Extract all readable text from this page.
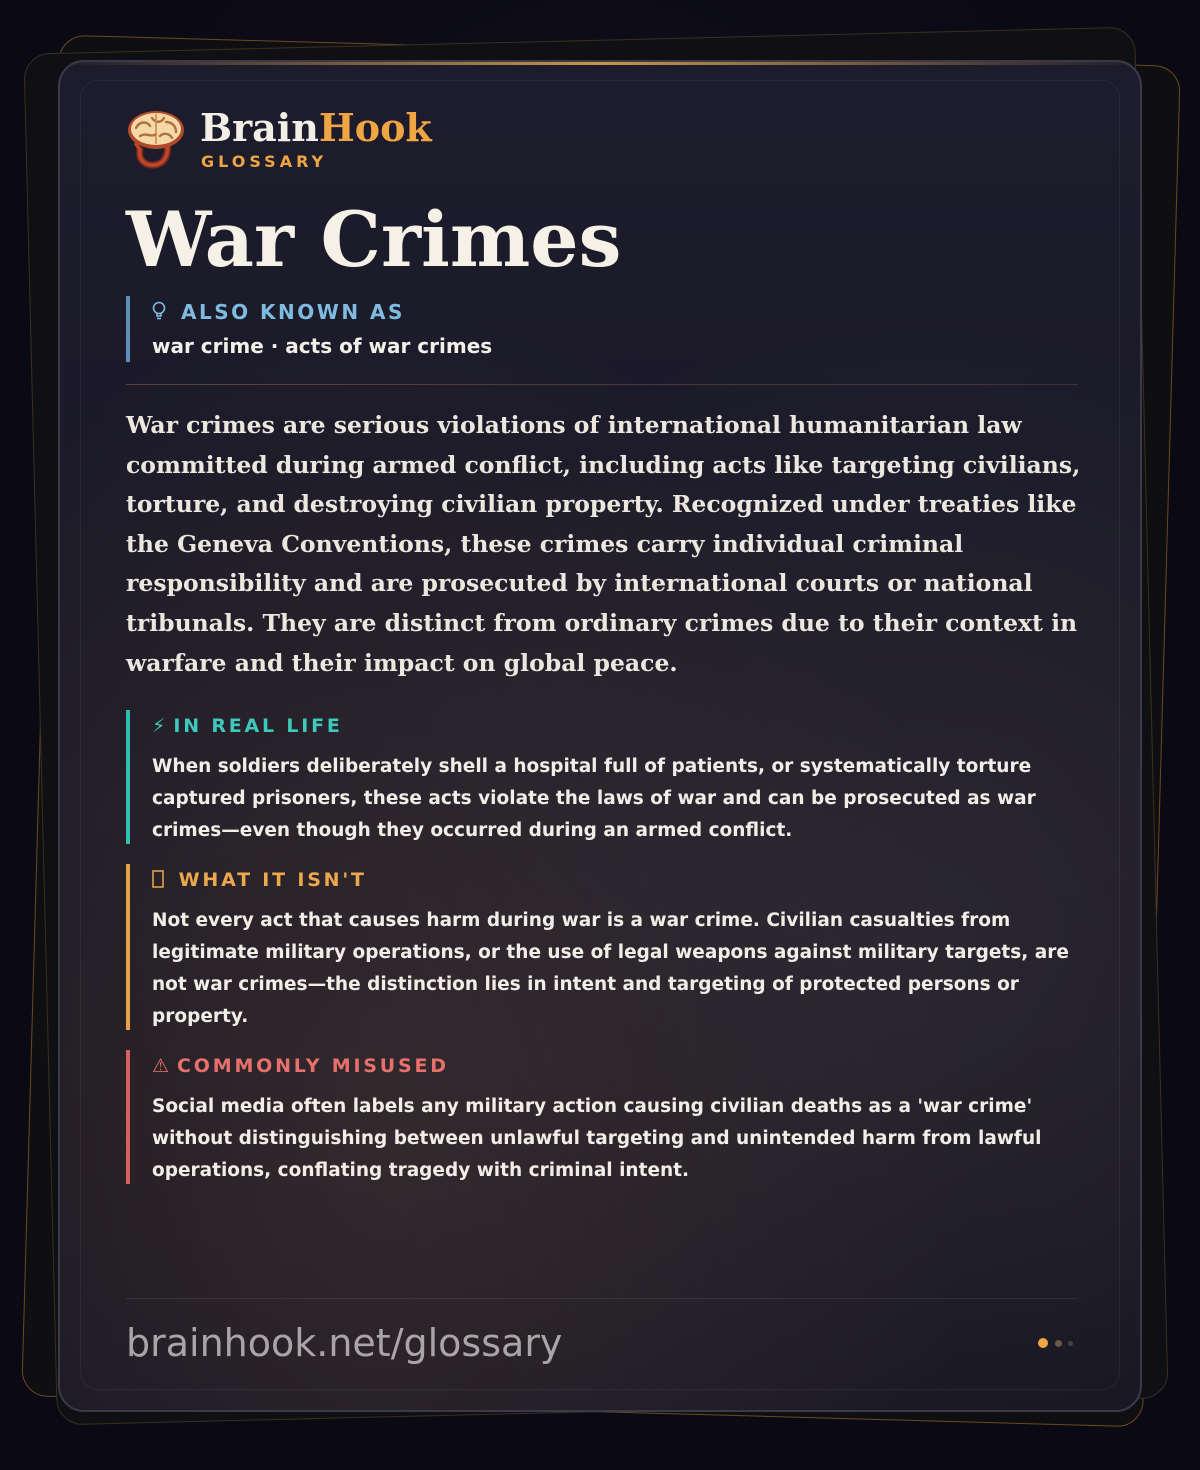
BrainHook
GLOSSARY
War Crimes
ALSO KNOWN AS
war crime · acts of war crimes
War crimes are serious violations of international humanitarian law committed during armed conflict, including acts like targeting civilians, torture, and destroying civilian property. Recognized under treaties like the Geneva Conventions, these crimes carry individual criminal responsibility and are prosecuted by international courts or national tribunals. They are distinct from ordinary crimes due to their context in warfare and their impact on global peace.
⚡ IN REAL LIFE
When soldiers deliberately shell a hospital full of patients, or systematically torture captured prisoners, these acts violate the laws of war and can be prosecuted as war crimes—even though they occurred during an armed conflict.
WHAT IT ISN'T
Not every act that causes harm during war is a war crime. Civilian casualties from legitimate military operations, or the use of legal weapons against military targets, are not war crimes—the distinction lies in intent and targeting of protected persons or property.
⚠ COMMONLY MISUSED
Social media often labels any military action causing civilian deaths as a 'war crime' without distinguishing between unlawful targeting and unintended harm from lawful operations, conflating tragedy with criminal intent.
brainhook.net/glossary
